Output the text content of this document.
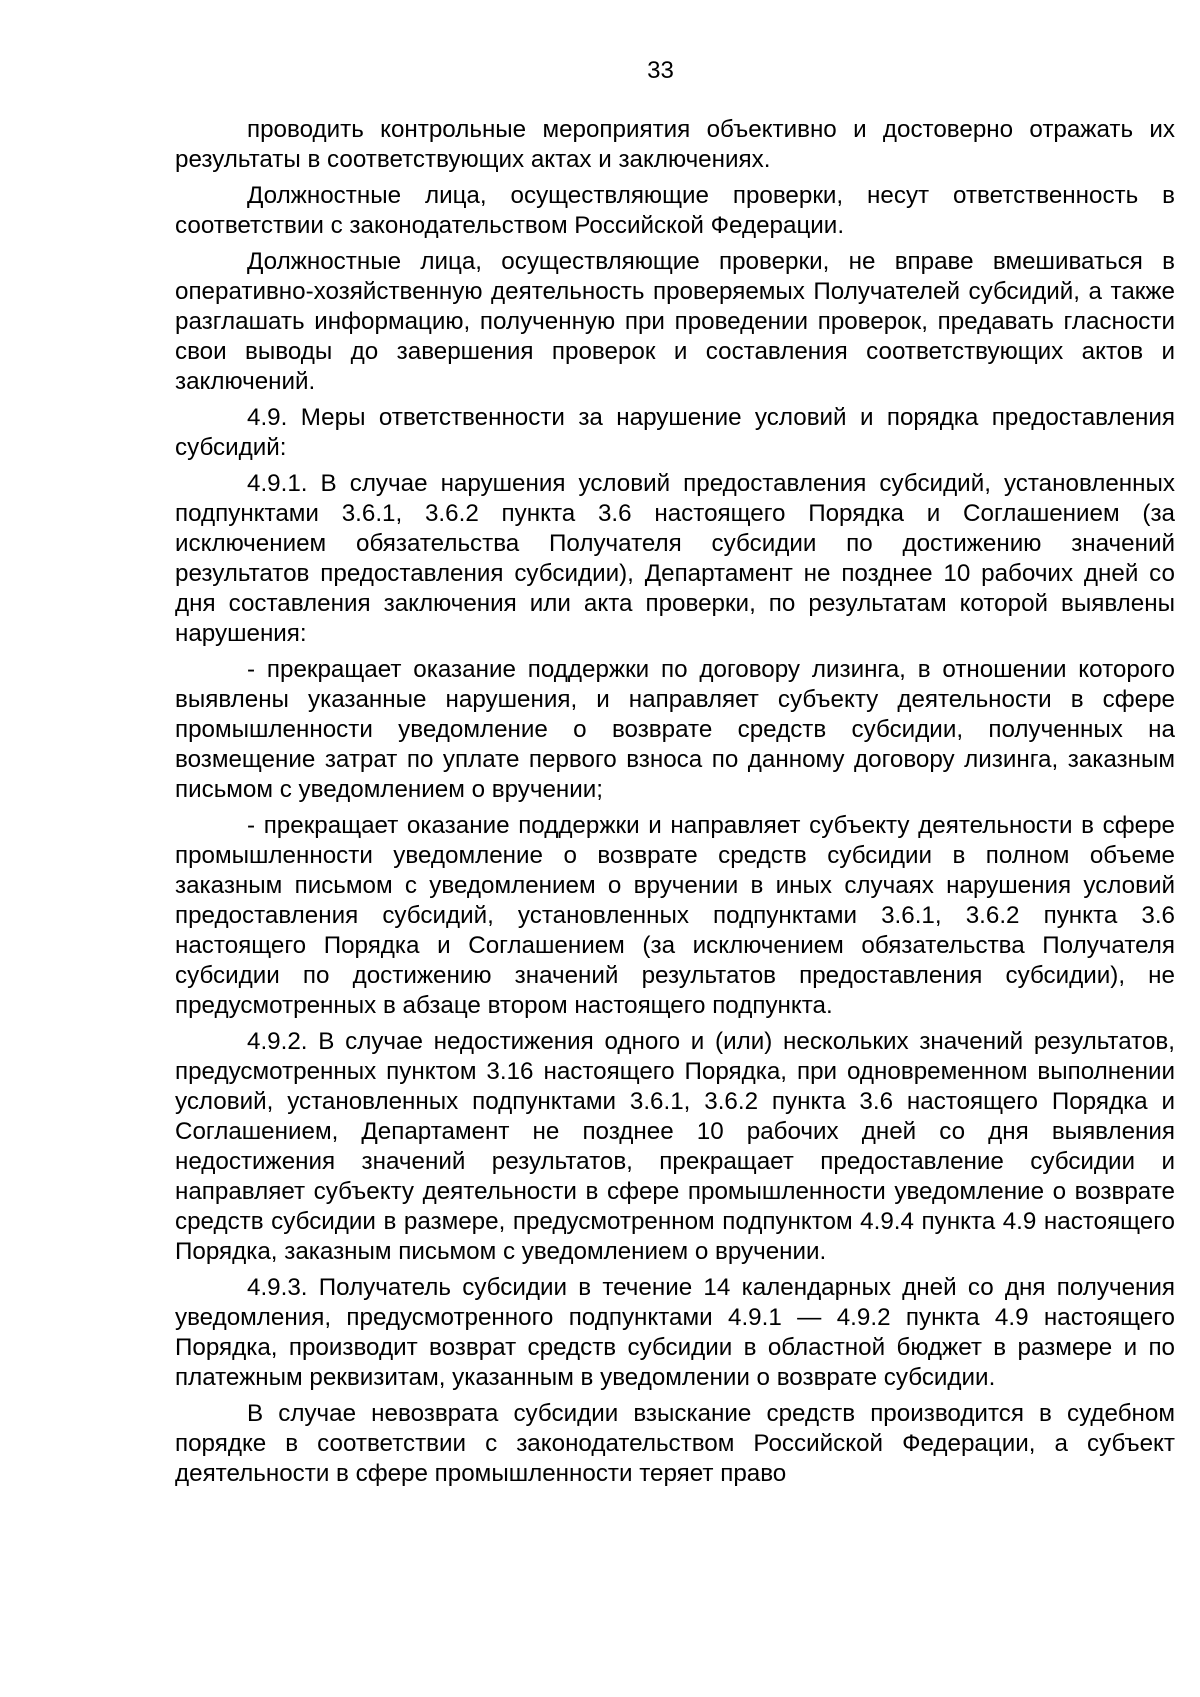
33

проводить контрольные мероприятия объективно и достоверно отражать их результаты в соответствующих актах и заключениях.

Должностные лица, осуществляющие проверки, несут ответственность в соответствии с законодательством Российской Федерации.

Должностные лица, осуществляющие проверки, не вправе вмешиваться в оперативно-хозяйственную деятельность проверяемых Получателей субсидий, а также разглашать информацию, полученную при проведении проверок, предавать гласности свои выводы до завершения проверок и составления соответствующих актов и заключений.

4.9. Меры ответственности за нарушение условий и порядка предоставления субсидий:

4.9.1. В случае нарушения условий предоставления субсидий, установленных подпунктами 3.6.1, 3.6.2 пункта 3.6 настоящего Порядка и Соглашением (за исключением обязательства Получателя субсидии по достижению значений результатов предоставления субсидии), Департамент не позднее 10 рабочих дней со дня составления заключения или акта проверки, по результатам которой выявлены нарушения:

- прекращает оказание поддержки по договору лизинга, в отношении которого выявлены указанные нарушения, и направляет субъекту деятельности в сфере промышленности уведомление о возврате средств субсидии, полученных на возмещение затрат по уплате первого взноса по данному договору лизинга, заказным письмом с уведомлением о вручении;

- прекращает оказание поддержки и направляет субъекту деятельности в сфере промышленности уведомление о возврате средств субсидии в полном объеме заказным письмом с уведомлением о вручении в иных случаях нарушения условий предоставления субсидий, установленных подпунктами 3.6.1, 3.6.2 пункта 3.6 настоящего Порядка и Соглашением (за исключением обязательства Получателя субсидии по достижению значений результатов предоставления субсидии), не предусмотренных в абзаце втором настоящего подпункта.

4.9.2. В случае недостижения одного и (или) нескольких значений результатов, предусмотренных пунктом 3.16 настоящего Порядка, при одновременном выполнении условий, установленных подпунктами 3.6.1, 3.6.2 пункта 3.6 настоящего Порядка и Соглашением, Департамент не позднее 10 рабочих дней со дня выявления недостижения значений результатов, прекращает предоставление субсидии и направляет субъекту деятельности в сфере промышленности уведомление о возврате средств субсидии в размере, предусмотренном подпунктом 4.9.4 пункта 4.9 настоящего Порядка, заказным письмом с уведомлением о вручении.

4.9.3. Получатель субсидии в течение 14 календарных дней со дня получения уведомления, предусмотренного подпунктами 4.9.1 — 4.9.2 пункта 4.9 настоящего Порядка, производит возврат средств субсидии в областной бюджет в размере и по платежным реквизитам, указанным в уведомлении о возврате субсидии.

В случае невозврата субсидии взыскание средств производится в судебном порядке в соответствии с законодательством Российской Федерации, а субъект деятельности в сфере промышленности теряет право
